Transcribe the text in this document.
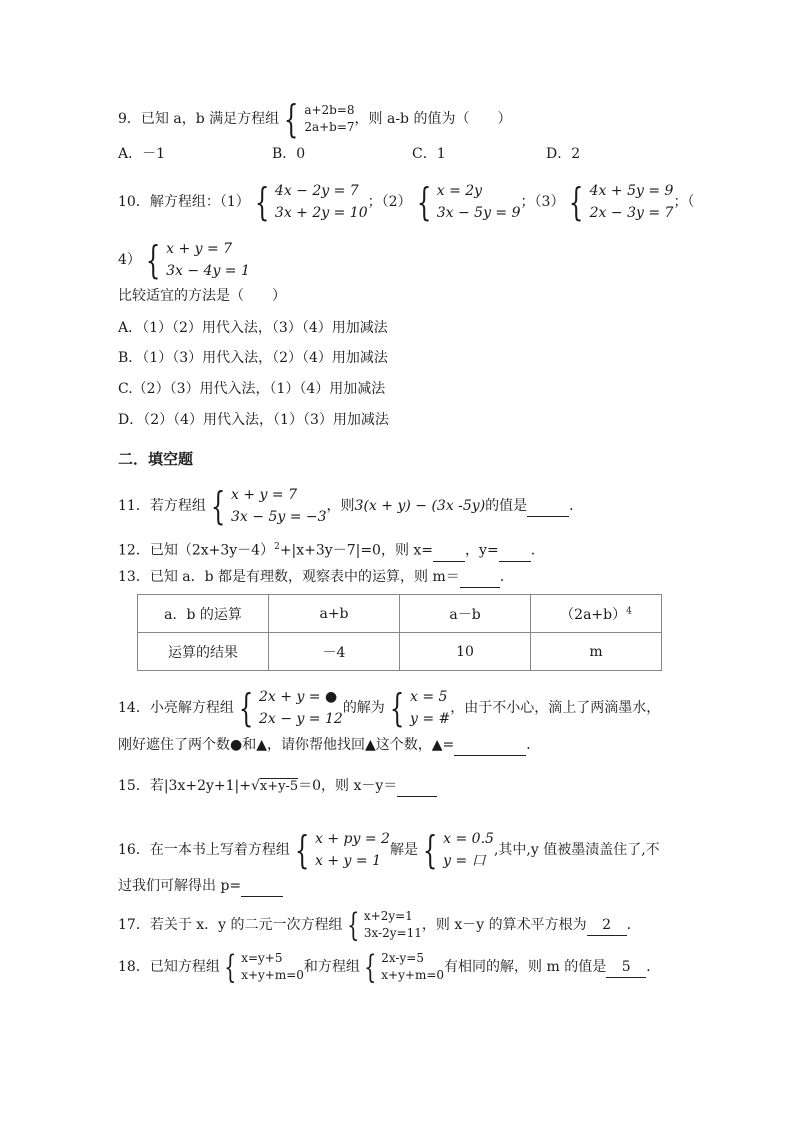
9．已知 a，b 满足方程组 { a+2b=8
2a+b=7 ，则 a-b 的值为（　　）
A．－1	B．0	C．1	D．2
10．解方程组：（1） { 4x − 2y = 7
3x + 2y = 10
；（2） { x = 2y
3x − 5y = 9
；（3） { 4x + 5y = 9
2x − 3y = 7
；（
4） { x + y = 7
3x − 4y = 1
比较适宜的方法是（　　）
A．（1）（2）用代入法，（3）（4）用加减法
B．（1）（3）用代入法，（2）（4）用加减法
C.（2）（3）用代入法，（1）（4）用加减法
D．（2）（4）用代入法，（1）（3）用加减法
二．填空题
11．若方程组 { x + y = 7
3x − 5y = −3
，则3(x + y) − (3x -5y)的值是	．
12．已知$(2x+3y-4)^2+|x+3y-7|=0$，则 x= ，y= ．
13．已知 a．b 都是有理数，观察表中的运算，则 m＝	．
a．b 的运算	a+b	a－b	$(2a+b)^4$
运算的结果	－4	10	m
14．小亮解方程组 { 2x + y = ●
2x − y = 12
的解为 { x = 5
y = #
，由于不小心，滴上了两滴墨水，
刚好遮住了两个数●和▲，请你帮他找回▲这个数，▲=	．
15．若|3x+2y+1|+√x+y-5＝0，则 x－y＝
16．在一本书上写着方程组 { x + py = 2
x + y = 1
解是 { x = 0.5
y = 口
,其中,y 值被墨渍盖住了,不
过我们可解得出 p=
17．若关于 x．y 的二元一次方程组 { x+2y=1
3x-2y=11 ，则 x－y 的算术平方根为 2 ．
18．已知方程组 { x=y+5
x+y+m=0 和方程组 { 2x-y=5
x+y+m=0 有相同的解，则 m 的值是 5 ．
